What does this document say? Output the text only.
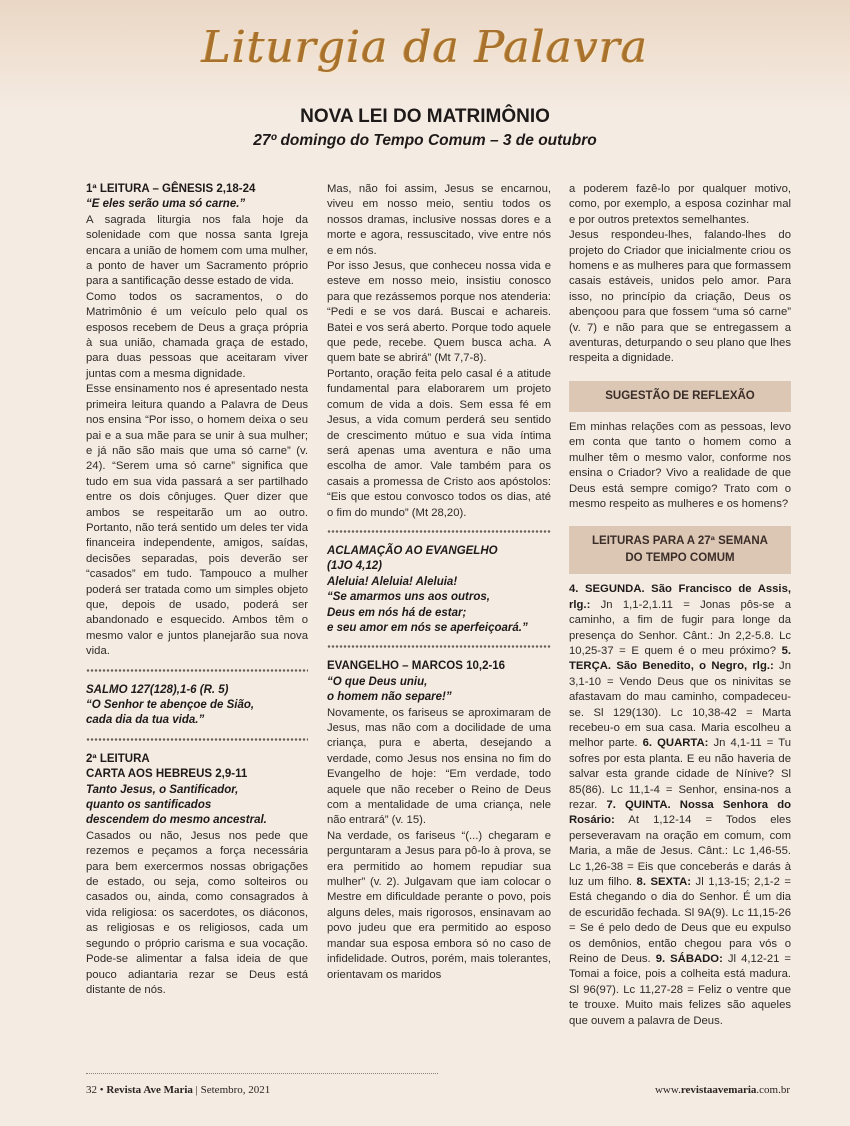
Liturgia da Palavra
NOVA LEI DO MATRIMÔNIO
27º domingo do Tempo Comum – 3 de outubro

1ª LEITURA – GÊNESIS 2,18-24

“E eles serão uma só carne.”

A sagrada liturgia nos fala hoje da solenidade com que nossa santa Igreja encara a união de homem com uma mulher, a ponto de haver um Sacramento próprio para a santificação desse estado de vida.

Como todos os sacramentos, o do Matrimônio é um veículo pelo qual os esposos recebem de Deus a graça própria à sua união, chamada graça de estado, para duas pessoas que aceitaram viver juntas com a mesma dignidade.

Esse ensinamento nos é apresentado nesta primeira leitura quando a Palavra de Deus nos ensina “Por isso, o homem deixa o seu pai e a sua mãe para se unir à sua mulher; e já não são mais que uma só carne” (v. 24). “Serem uma só carne” significa que tudo em sua vida passará a ser partilhado entre os dois cônjuges. Quer dizer que ambos se respeitarão um ao outro. Portanto, não terá sentido um deles ter vida financeira independente, amigos, saídas, decisões separadas, pois deverão ser “casados” em tudo. Tampouco a mulher poderá ser tratada como um simples objeto que, depois de usado, poderá ser abandonado e esquecido. Ambos têm o mesmo valor e juntos planejarão sua nova vida.

SALMO 127(128),1-6 (R. 5)

“O Senhor te abençoe de Sião,

cada dia da tua vida.”

2ª LEITURA

CARTA AOS HEBREUS 2,9-11

Tanto Jesus, o Santificador,

quanto os santificados

descendem do mesmo ancestral.

Casados ou não, Jesus nos pede que rezemos e peçamos a força necessária para bem exercermos nossas obrigações de estado, ou seja, como solteiros ou casados ou, ainda, como consagrados à vida religiosa: os sacerdotes, os diáconos, as religiosas e os religiosos, cada um segundo o próprio carisma e sua vocação. Pode-se alimentar a falsa ideia de que pouco adiantaria rezar se Deus está distante de nós.

Mas, não foi assim, Jesus se encarnou, viveu em nosso meio, sentiu todos os nossos dramas, inclusive nossas dores e a morte e agora, ressuscitado, vive entre nós e em nós.

Por isso Jesus, que conheceu nossa vida e esteve em nosso meio, insistiu conosco para que rezássemos porque nos atenderia: “Pedi e se vos dará. Buscai e achareis. Batei e vos será aberto. Porque todo aquele que pede, recebe. Quem busca acha. A quem bate se abrirá” (Mt 7,7-8).

Portanto, oração feita pelo casal é a atitude fundamental para elaborarem um projeto comum de vida a dois. Sem essa fé em Jesus, a vida comum perderá seu sentido de crescimento mútuo e sua vida íntima será apenas uma aventura e não uma escolha de amor. Vale também para os casais a promessa de Cristo aos apóstolos: “Eis que estou convosco todos os dias, até o fim do mundo” (Mt 28,20).

ACLAMAÇÃO AO EVANGELHO

(1JO 4,12)

Aleluia! Aleluia! Aleluia!

“Se amarmos uns aos outros,

Deus em nós há de estar;

e seu amor em nós se aperfeiçoará.”

EVANGELHO – MARCOS 10,2-16

“O que Deus uniu,

o homem não separe!”

Novamente, os fariseus se aproximaram de Jesus, mas não com a docilidade de uma criança, pura e aberta, desejando a verdade, como Jesus nos ensina no fim do Evangelho de hoje: “Em verdade, todo aquele que não receber o Reino de Deus com a mentalidade de uma criança, nele não entrará” (v. 15).

Na verdade, os fariseus “(...) chegaram e perguntaram a Jesus para pô-lo à prova, se era permitido ao homem repudiar sua mulher” (v. 2). Julgavam que iam colocar o Mestre em dificuldade perante o povo, pois alguns deles, mais rigorosos, ensinavam ao povo judeu que era permitido ao esposo mandar sua esposa embora só no caso de infidelidade. Outros, porém, mais tolerantes, orientavam os maridos

a poderem fazê-lo por qualquer motivo, como, por exemplo, a esposa cozinhar mal e por outros pretextos semelhantes.

Jesus respondeu-lhes, falando-lhes do projeto do Criador que inicialmente criou os homens e as mulheres para que formassem casais estáveis, unidos pelo amor. Para isso, no princípio da criação, Deus os abençoou para que fossem “uma só carne” (v. 7) e não para que se entregassem a aventuras, deturpando o seu plano que lhes respeita a dignidade.

SUGESTÃO DE REFLEXÃO

Em minhas relações com as pessoas, levo em conta que tanto o homem como a mulher têm o mesmo valor, conforme nos ensina o Criador? Vivo a realidade de que Deus está sempre comigo? Trato com o mesmo respeito as mulheres e os homens?

LEITURAS PARA A 27ª SEMANA
DO TEMPO COMUM

4. SEGUNDA. São Francisco de Assis, rlg.: Jn 1,1-2,1.11 = Jonas pôs-se a caminho, a fim de fugir para longe da presença do Senhor. Cânt.: Jn 2,2-5.8. Lc 10,25-37 = E quem é o meu próximo? 5. TERÇA. São Benedito, o Negro, rlg.: Jn 3,1-10 = Vendo Deus que os ninivitas se afastavam do mau caminho, compadeceu-se. Sl 129(130). Lc 10,38-42 = Marta recebeu-o em sua casa. Maria escolheu a melhor parte. 6. QUARTA: Jn 4,1-11 = Tu sofres por esta planta. E eu não haveria de salvar esta grande cidade de Nínive? Sl 85(86). Lc 11,1-4 = Senhor, ensina-nos a rezar. 7. QUINTA. Nossa Senhora do Rosário: At 1,12-14 = Todos eles perseveravam na oração em comum, com Maria, a mãe de Jesus. Cânt.: Lc 1,46-55. Lc 1,26-38 = Eis que conceberás e darás à luz um filho. 8. SEXTA: Jl 1,13-15; 2,1-2 = Está chegando o dia do Senhor. É um dia de escuridão fechada. Sl 9A(9). Lc 11,15-26 = Se é pelo dedo de Deus que eu expulso os demônios, então chegou para vós o Reino de Deus. 9. SÁBADO: Jl 4,12-21 = Tomai a foice, pois a colheita está madura. Sl 96(97). Lc 11,27-28 = Feliz o ventre que te trouxe. Muito mais felizes são aqueles que ouvem a palavra de Deus.

32 • Revista Ave Maria | Setembro, 2021	www.revistaavemaria.com.br
